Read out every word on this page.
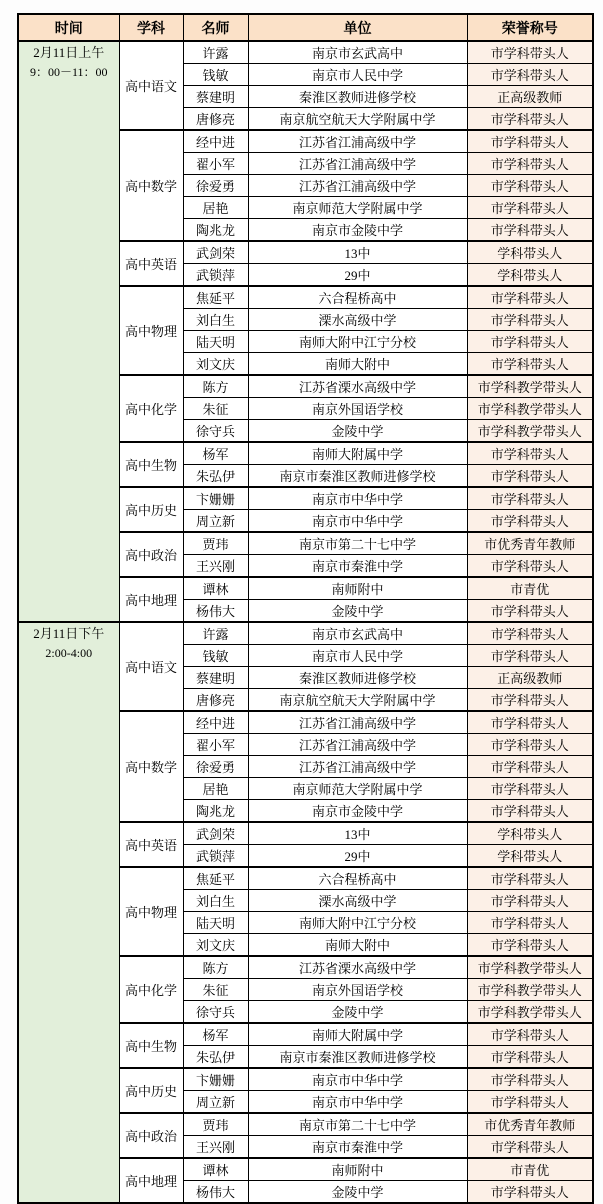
时间	学科	名师	单位	荣誉称号

2月11日上午
9：00－11：00	高中语文	许露	南京市玄武高中	市学科带头人
		钱敏	南京市人民中学	市学科带头人
		蔡建明	秦淮区教师进修学校	正高级教师
		唐修亮	南京航空航天大学附属中学	市学科带头人
	高中数学	经中进	江苏省江浦高级中学	市学科带头人
		翟小军	江苏省江浦高级中学	市学科带头人
		徐爱勇	江苏省江浦高级中学	市学科带头人
		居艳	南京师范大学附属中学	市学科带头人
		陶兆龙	南京市金陵中学	市学科带头人
	高中英语	武剑荣	13中	学科带头人
		武锁萍	29中	学科带头人
	高中物理	焦延平	六合程桥高中	市学科带头人
		刘白生	溧水高级中学	市学科带头人
		陆天明	南师大附中江宁分校	市学科带头人
		刘文庆	南师大附中	市学科带头人
	高中化学	陈方	江苏省溧水高级中学	市学科教学带头人
		朱征	南京外国语学校	市学科教学带头人
		徐守兵	金陵中学	市学科教学带头人
	高中生物	杨军	南师大附属中学	市学科带头人
		朱弘伊	南京市秦淮区教师进修学校	市学科带头人
	高中历史	卞姗姗	南京市中华中学	市学科带头人
		周立新	南京市中华中学	市学科带头人
	高中政治	贾玮	南京市第二十七中学	市优秀青年教师
		王兴刚	南京市秦淮中学	市学科带头人
	高中地理	谭林	南师附中	市青优
		杨伟大	金陵中学	市学科带头人

2月11日下午
2:00-4:00	高中语文	许露	南京市玄武高中	市学科带头人
		钱敏	南京市人民中学	市学科带头人
		蔡建明	秦淮区教师进修学校	正高级教师
		唐修亮	南京航空航天大学附属中学	市学科带头人
	高中数学	经中进	江苏省江浦高级中学	市学科带头人
		翟小军	江苏省江浦高级中学	市学科带头人
		徐爱勇	江苏省江浦高级中学	市学科带头人
		居艳	南京师范大学附属中学	市学科带头人
		陶兆龙	南京市金陵中学	市学科带头人
	高中英语	武剑荣	13中	学科带头人
		武锁萍	29中	学科带头人
	高中物理	焦延平	六合程桥高中	市学科带头人
		刘白生	溧水高级中学	市学科带头人
		陆天明	南师大附中江宁分校	市学科带头人
		刘文庆	南师大附中	市学科带头人
	高中化学	陈方	江苏省溧水高级中学	市学科教学带头人
		朱征	南京外国语学校	市学科教学带头人
		徐守兵	金陵中学	市学科教学带头人
	高中生物	杨军	南师大附属中学	市学科带头人
		朱弘伊	南京市秦淮区教师进修学校	市学科带头人
	高中历史	卞姗姗	南京市中华中学	市学科带头人
		周立新	南京市中华中学	市学科带头人
	高中政治	贾玮	南京市第二十七中学	市优秀青年教师
		王兴刚	南京市秦淮中学	市学科带头人
	高中地理	谭林	南师附中	市青优
		杨伟大	金陵中学	市学科带头人
